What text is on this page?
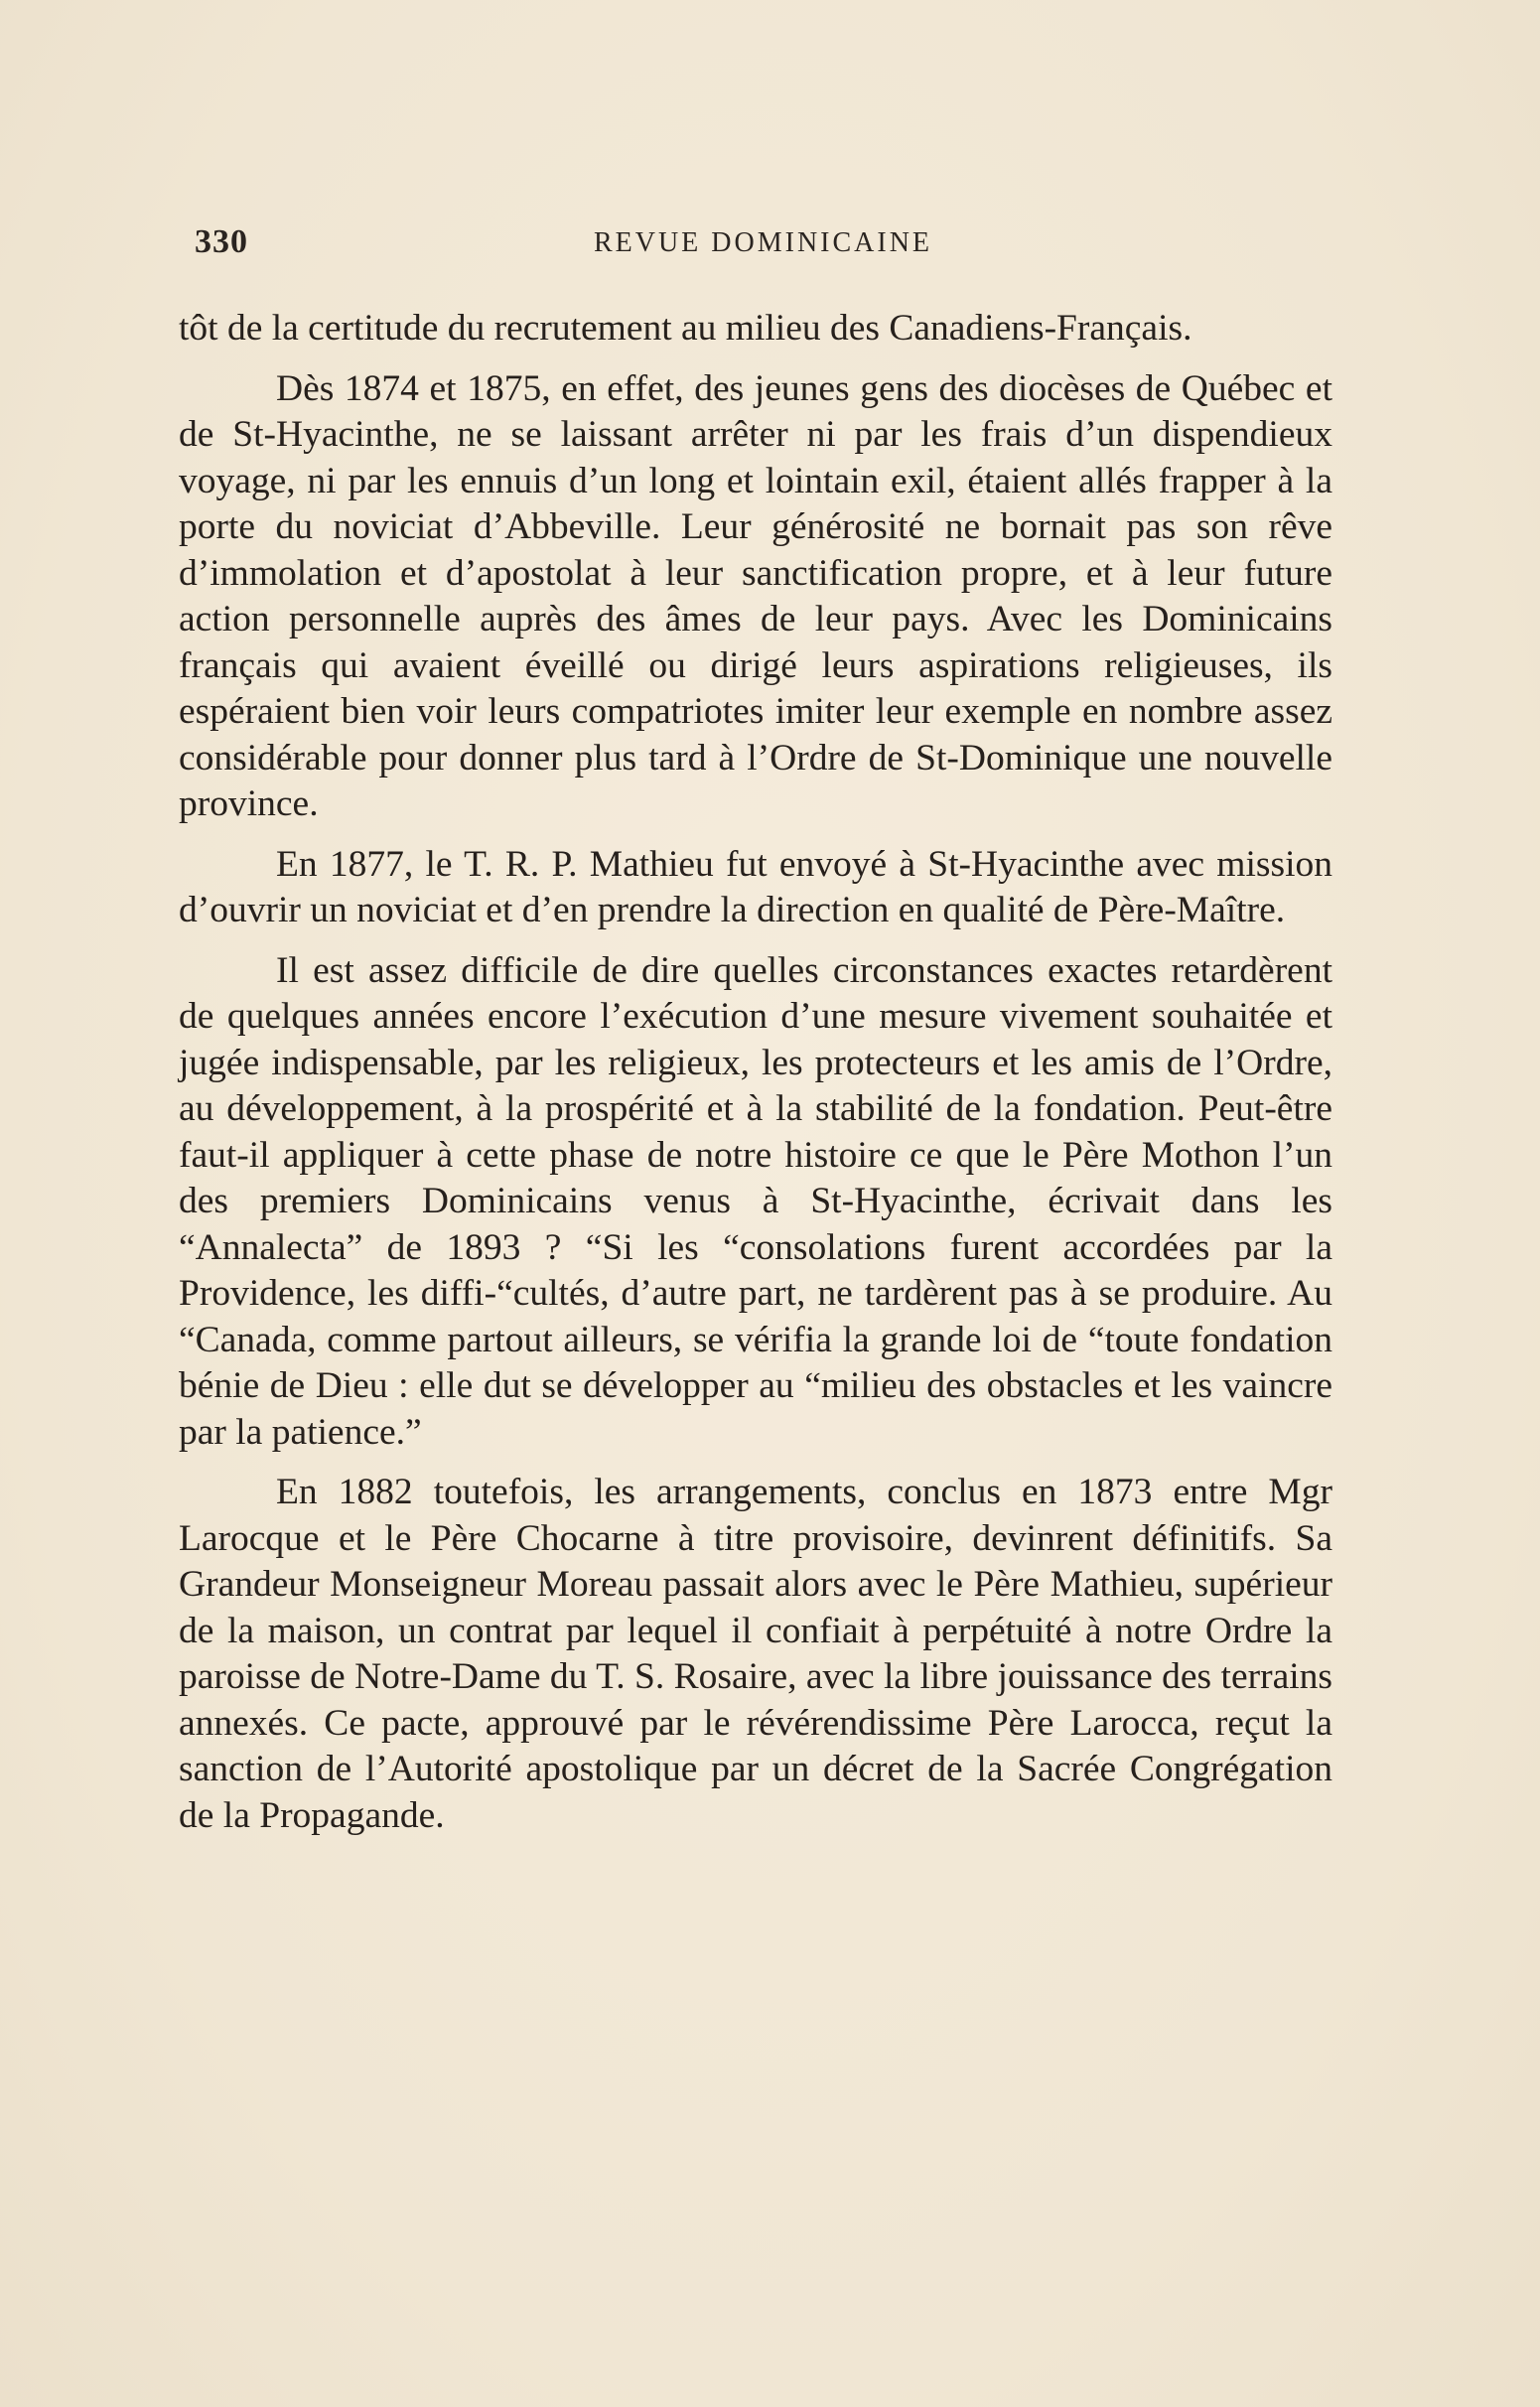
330	REVUE DOMINICAINE

tôt de la certitude du recrutement au milieu des Canadiens-Français.

Dès 1874 et 1875, en effet, des jeunes gens des diocèses de Québec et de St-Hyacinthe, ne se laissant arrêter ni par les frais d’un dispendieux voyage, ni par les ennuis d’un long et lointain exil, étaient allés frapper à la porte du noviciat d’Abbeville. Leur générosité ne bornait pas son rêve d’immolation et d’apostolat à leur sanctification propre, et à leur future action personnelle auprès des âmes de leur pays. Avec les Dominicains français qui avaient éveillé ou dirigé leurs aspirations religieuses, ils espéraient bien voir leurs compatriotes imiter leur exemple en nombre assez considérable pour donner plus tard à l’Ordre de St-Dominique une nouvelle province.

En 1877, le T. R. P. Mathieu fut envoyé à St-Hyacinthe avec mission d’ouvrir un noviciat et d’en prendre la direction en qualité de Père-Maître.

Il est assez difficile de dire quelles circonstances exactes retardèrent de quelques années encore l’exécution d’une mesure vivement souhaitée et jugée indispensable, par les religieux, les protecteurs et les amis de l’Ordre, au développement, à la prospérité et à la stabilité de la fondation. Peut-être faut-il appliquer à cette phase de notre histoire ce que le Père Mothon l’un des premiers Dominicains venus à St-Hyacinthe, écrivait dans les “Annalecta” de 1893 ? “Si les “consolations furent accordées par la Providence, les diffi-“cultés, d’autre part, ne tardèrent pas à se produire. Au “Canada, comme partout ailleurs, se vérifia la grande loi de “toute fondation bénie de Dieu : elle dut se développer au “milieu des obstacles et les vaincre par la patience.”

En 1882 toutefois, les arrangements, conclus en 1873 entre Mgr Larocque et le Père Chocarne à titre provisoire, devinrent définitifs. Sa Grandeur Monseigneur Moreau passait alors avec le Père Mathieu, supérieur de la maison, un contrat par lequel il confiait à perpétuité à notre Ordre la paroisse de Notre-Dame du T. S. Rosaire, avec la libre jouissance des terrains annexés. Ce pacte, approuvé par le révérendissime Père Larocca, reçut la sanction de l’Autorité apostolique par un décret de la Sacrée Congrégation de la Propagande.
